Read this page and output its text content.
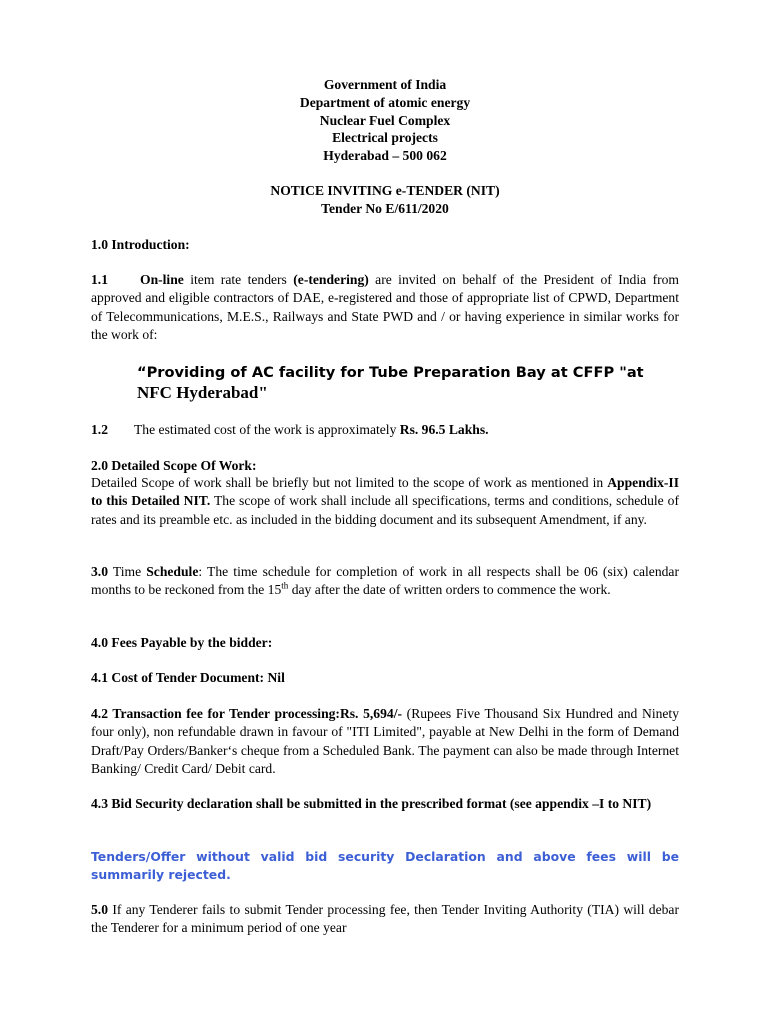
Government of India
Department of atomic energy
Nuclear Fuel Complex
Electrical projects
Hyderabad – 500 062
NOTICE INVITING e-TENDER (NIT)
Tender No E/611/2020
1.0 Introduction:
1.1 On-line item rate tenders (e-tendering) are invited on behalf of the President of India from approved and eligible contractors of DAE, e-registered and those of appropriate list of CPWD, Department of Telecommunications, M.E.S., Railways and State PWD and / or having experience in similar works for the work of:
“Providing of AC facility for Tube Preparation Bay at CFFP "at
NFC Hyderabad"
1.2 The estimated cost of the work is approximately Rs. 96.5 Lakhs.
2.0 Detailed Scope Of Work:
Detailed Scope of work shall be briefly but not limited to the scope of work as mentioned in Appendix-II to this Detailed NIT. The scope of work shall include all specifications, terms and conditions, schedule of rates and its preamble etc. as included in the bidding document and its subsequent Amendment, if any.
3.0 Time Schedule: The time schedule for completion of work in all respects shall be 06 (six) calendar months to be reckoned from the 15th day after the date of written orders to commence the work.
4.0 Fees Payable by the bidder:
4.1 Cost of Tender Document: Nil
4.2 Transaction fee for Tender processing:Rs. 5,694/- (Rupees Five Thousand Six Hundred and Ninety four only), non refundable drawn in favour of "ITI Limited", payable at New Delhi in the form of Demand Draft/Pay Orders/Banker‘s cheque from a Scheduled Bank. The payment can also be made through Internet Banking/ Credit Card/ Debit card.
4.3 Bid Security declaration shall be submitted in the prescribed format (see appendix –I to NIT)
Tenders/Offer without valid bid security Declaration and above fees will be summarily rejected.
5.0 If any Tenderer fails to submit Tender processing fee, then Tender Inviting Authority (TIA) will debar the Tenderer for a minimum period of one year
